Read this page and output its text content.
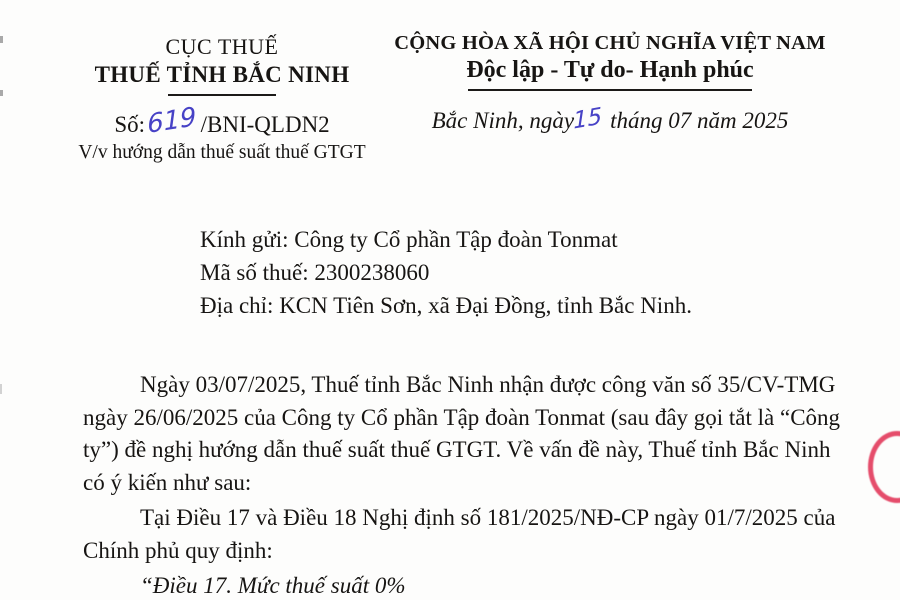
CỤC THUẾ
THUẾ TỈNH BẮC NINH
Số:619 /BNI-QLDN2
V/v hướng dẫn thuế suất thuế GTGT
CỘNG HÒA XÃ HỘI CHỦ NGHĨA VIỆT NAM
Độc lập - Tự do- Hạnh phúc
Bắc Ninh, ngày15 tháng 07 năm 2025
Kính gửi: Công ty Cổ phần Tập đoàn Tonmat
Mã số thuế: 2300238060
Địa chỉ: KCN Tiên Sơn, xã Đại Đồng, tỉnh Bắc Ninh.
Ngày 03/07/2025, Thuế tỉnh Bắc Ninh nhận được công văn số 35/CV-TMG
ngày 26/06/2025 của Công ty Cổ phần Tập đoàn Tonmat (sau đây gọi tắt là “Công
ty”) đề nghị hướng dẫn thuế suất thuế GTGT. Về vấn đề này, Thuế tỉnh Bắc Ninh
có ý kiến như sau:
Tại Điều 17 và Điều 18 Nghị định số 181/2025/NĐ-CP ngày 01/7/2025 của
Chính phủ quy định:
“Điều 17. Mức thuế suất 0%
